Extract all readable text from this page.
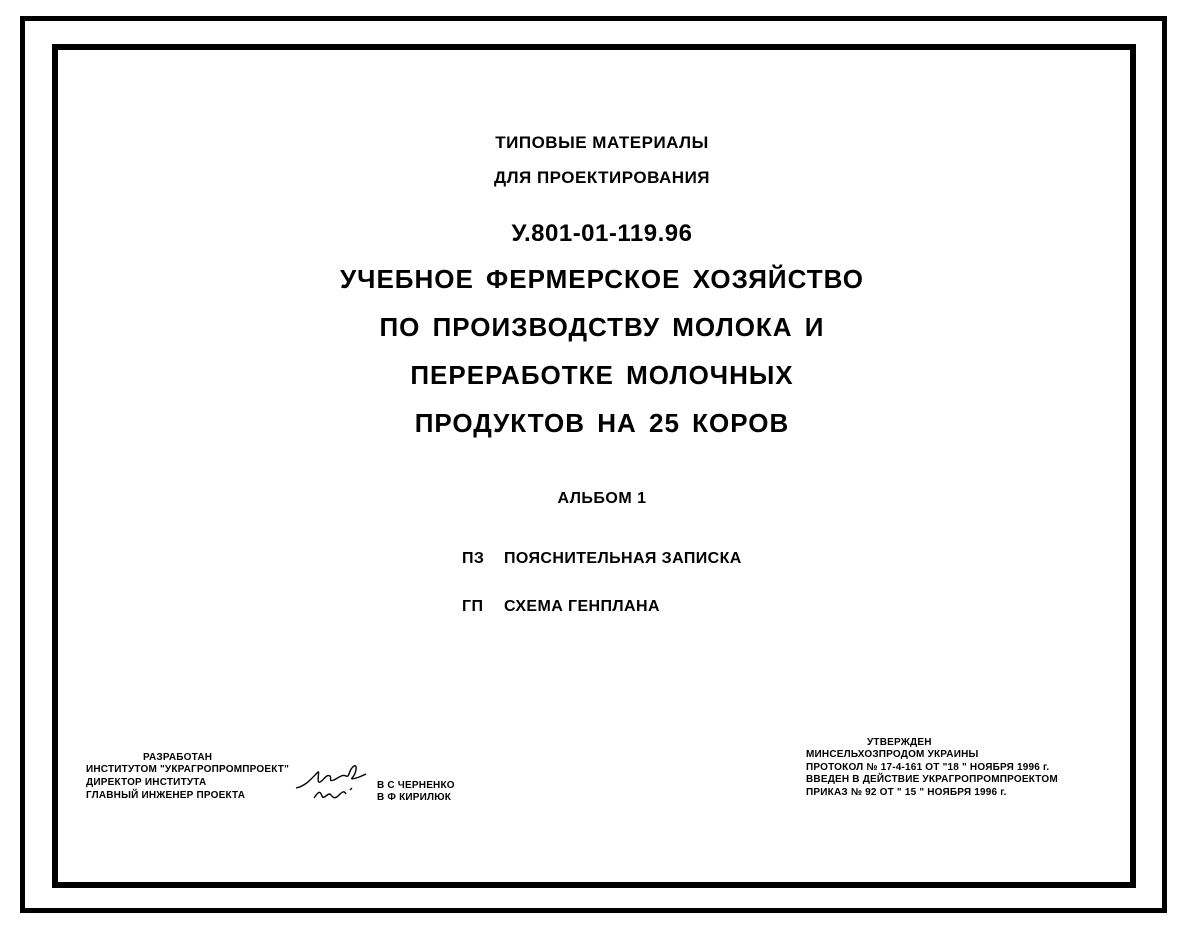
ТИПОВЫЕ МАТЕРИАЛЫ
ДЛЯ ПРОЕКТИРОВАНИЯ
У.801-01-119.96
УЧЕБНОЕ ФЕРМЕРСКОЕ ХОЗЯЙСТВО
ПО ПРОИЗВОДСТВУ МОЛОКА И
ПЕРЕРАБОТКЕ МОЛОЧНЫХ
ПРОДУКТОВ НА 25 КОРОВ
АЛЬБОМ 1
ПЗ ПОЯСНИТЕЛЬНАЯ ЗАПИСКА
ГП СХЕМА ГЕНПЛАНА
РАЗРАБОТАН
ИНСТИТУТОМ "УКРАГРОПРОМПРОЕКТ"
ДИРЕКТОР ИНСТИТУТА
ГЛАВНЫЙ ИНЖЕНЕР ПРОЕКТА
В С ЧЕРНЕНКО
В Ф КИРИЛЮК
УТВЕРЖДЕН
МИНСЕЛЬХОЗПРОДОМ УКРАИНЫ
ПРОТОКОЛ № 17-4-161 ОТ "18 " НОЯБРЯ 1996 г.
ВВЕДЕН В ДЕЙСТВИЕ УКРАГРОПРОМПРОЕКТОМ
ПРИКАЗ № 92 ОТ " 15 " НОЯБРЯ 1996 г.
